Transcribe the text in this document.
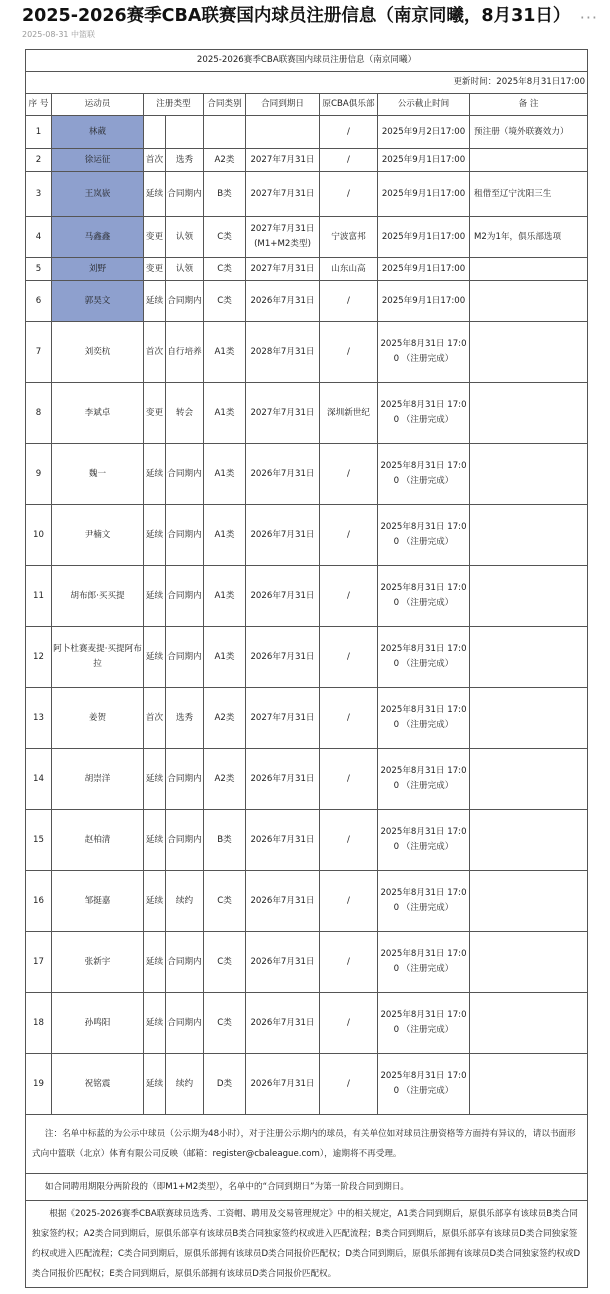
2025-2026赛季CBA联赛国内球员注册信息（南京同曦，8月31日） ···
2025-08-31 中篮联
2025-2026赛季CBA联赛国内球员注册信息（南京同曦）								
更新时间：2025年8月31日17:00								
序 号	运动员	注册类型		合同类别	合同到期日	原CBA俱乐部	公示截止时间	备 注
1	林葳					/	2025年9月2日17:00	预注册（境外联赛效力）
2	徐运征	首次	选秀	A2类	2027年7月31日	/	2025年9月1日17:00	
3	王岚嵚	延续	合同期内	B类	2027年7月31日	/	2025年9月1日17:00	租借至辽宁沈阳三生
4	马鑫鑫	变更	认领	C类	2027年7月31日 (M1+M2类型)	宁波富邦	2025年9月1日17:00	M2为1年，俱乐部选项
5	刘野	变更	认领	C类	2027年7月31日	山东山高	2025年9月1日17:00	
6	郭昊文	延续	合同期内	C类	2026年7月31日	/	2025年9月1日17:00	
7	刘奕杭	首次	自行培养	A1类	2028年7月31日	/	2025年8月31日 17:00 （注册完成）	
8	李斌卓	变更	转会	A1类	2027年7月31日	深圳新世纪	2025年8月31日 17:00 （注册完成）	
9	魏一	延续	合同期内	A1类	2026年7月31日	/	2025年8月31日 17:00 （注册完成）	
10	尹楠文	延续	合同期内	A1类	2026年7月31日	/	2025年8月31日 17:00 （注册完成）	
11	胡布郎·买买提	延续	合同期内	A1类	2026年7月31日	/	2025年8月31日 17:00 （注册完成）	
12	阿卜杜赛麦提·买提阿布拉	延续	合同期内	A1类	2026年7月31日	/	2025年8月31日 17:00 （注册完成）	
13	姜贺	首次	选秀	A2类	2027年7月31日	/	2025年8月31日 17:00 （注册完成）	
14	胡崇洋	延续	合同期内	A2类	2026年7月31日	/	2025年8月31日 17:00 （注册完成）	
15	赵柏清	延续	合同期内	B类	2026年7月31日	/	2025年8月31日 17:00 （注册完成）	
16	邹挺嘉	延续	续约	C类	2026年7月31日	/	2025年8月31日 17:00 （注册完成）	
17	张新宇	延续	合同期内	C类	2026年7月31日	/	2025年8月31日 17:00 （注册完成）	
18	孙鸣阳	延续	合同期内	C类	2026年7月31日	/	2025年8月31日 17:00 （注册完成）	
19	祝铭震	延续	续约	D类	2026年7月31日	/	2025年8月31日 17:00 （注册完成）	
注：名单中标蓝的为公示中球员（公示期为48小时），对于注册公示期内的球员，有关单位如对球员注册资格等方面持有异议的，请以书面形式向中篮联（北京）体育有限公司反映（邮箱：register@cbaleague.com），逾期将不再受理。								
如合同聘用期限分两阶段的（即M1+M2类型），名单中的“合同到期日”为第一阶段合同到期日。								
根据《2025-2026赛季CBA联赛球员选秀、工资帽、聘用及交易管理规定》中的相关规定，A1类合同到期后，原俱乐部享有该球员B类合同独家签约权；A2类合同到期后，原俱乐部享有该球员B类合同独家签约权或进入匹配流程；B类合同到期后，原俱乐部享有该球员D类合同独家签约权或进入匹配流程；C类合同到期后，原俱乐部拥有该球员D类合同报价匹配权；D类合同到期后，原俱乐部拥有该球员D类合同独家签约权或D类合同报价匹配权；E类合同到期后，原俱乐部拥有该球员D类合同报价匹配权。								
